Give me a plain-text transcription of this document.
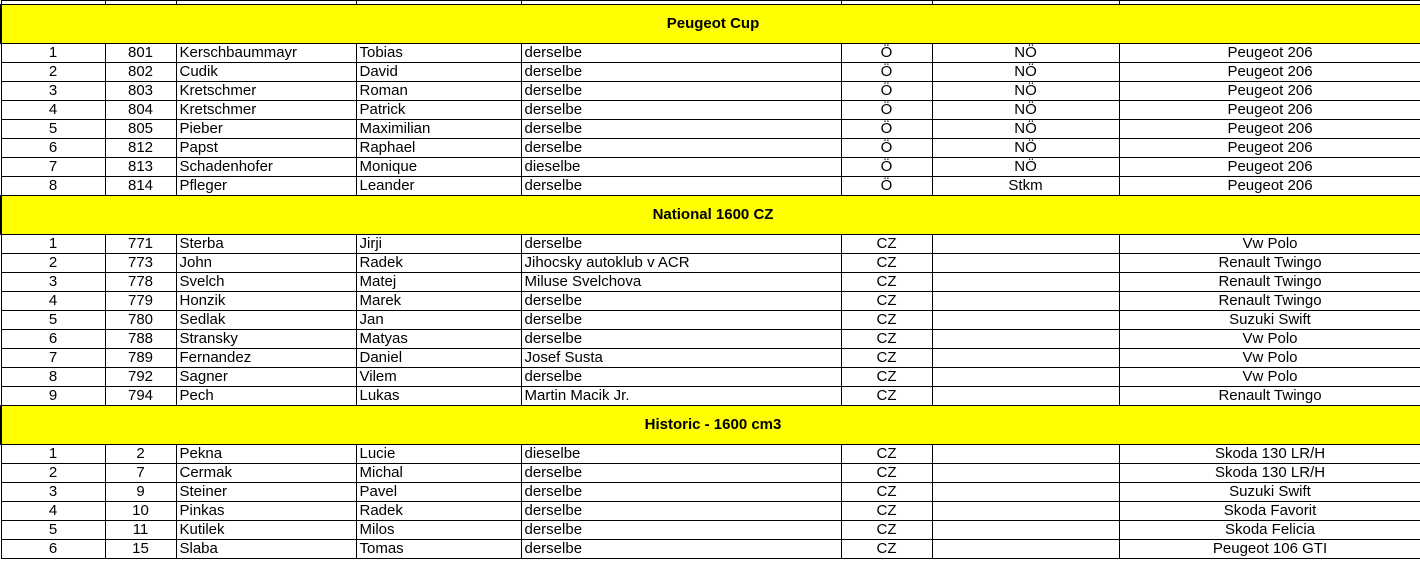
Peugeot Cup							
1	801	Kerschbaummayr	Tobias	derselbe	Ö	NÖ	Peugeot 206
2	802	Cudik	David	derselbe	Ö	NÖ	Peugeot 206
3	803	Kretschmer	Roman	derselbe	Ö	NÖ	Peugeot 206
4	804	Kretschmer	Patrick	derselbe	Ö	NÖ	Peugeot 206
5	805	Pieber	Maximilian	derselbe	Ö	NÖ	Peugeot 206
6	812	Papst	Raphael	derselbe	Ö	NÖ	Peugeot 206
7	813	Schadenhofer	Monique	dieselbe	Ö	NÖ	Peugeot 206
8	814	Pfleger	Leander	derselbe	Ö	Stkm	Peugeot 206
National 1600 CZ							
1	771	Sterba	Jirji	derselbe	CZ		Vw Polo
2	773	John	Radek	Jihocsky autoklub v ACR	CZ		Renault Twingo
3	778	Svelch	Matej	Miluse Svelchova	CZ		Renault Twingo
4	779	Honzik	Marek	derselbe	CZ		Renault Twingo
5	780	Sedlak	Jan	derselbe	CZ		Suzuki Swift
6	788	Stransky	Matyas	derselbe	CZ		Vw Polo
7	789	Fernandez	Daniel	Josef Susta	CZ		Vw Polo
8	792	Sagner	Vilem	derselbe	CZ		Vw Polo
9	794	Pech	Lukas	Martin Macik Jr.	CZ		Renault Twingo
Historic - 1600 cm3							
1	2	Pekna	Lucie	dieselbe	CZ		Skoda 130 LR/H
2	7	Cermak	Michal	derselbe	CZ		Skoda 130 LR/H
3	9	Steiner	Pavel	derselbe	CZ		Suzuki Swift
4	10	Pinkas	Radek	derselbe	CZ		Skoda Favorit
5	11	Kutilek	Milos	derselbe	CZ		Skoda Felicia
6	15	Slaba	Tomas	derselbe	CZ		Peugeot 106 GTI
